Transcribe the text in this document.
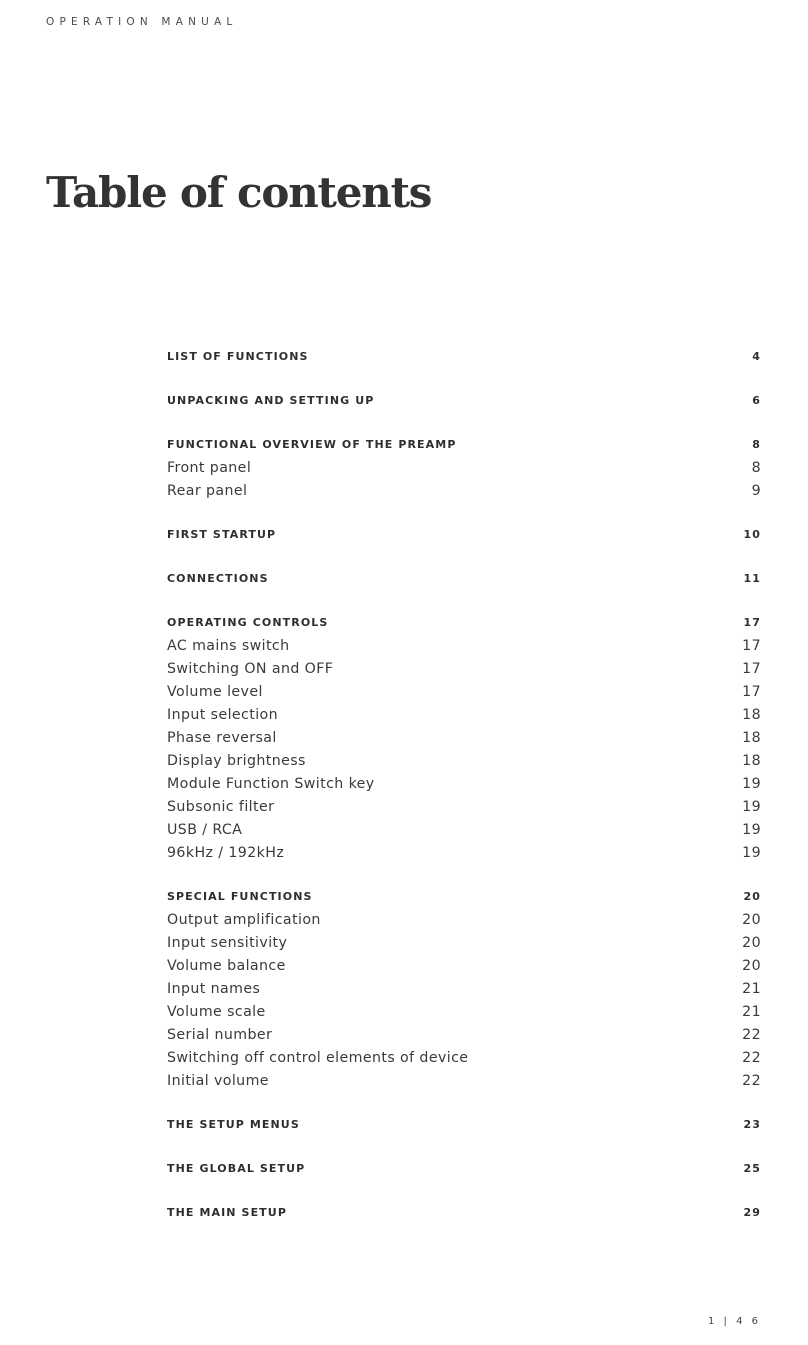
OPERATION MANUAL
Table of contents
LIST OF FUNCTIONS	4
UNPACKING AND SETTING UP	6
FUNCTIONAL OVERVIEW OF THE PREAMP	8
Front panel	8
Rear panel	9
FIRST STARTUP	10
CONNECTIONS	11
OPERATING CONTROLS	17
AC mains switch	17
Switching ON and OFF	17
Volume level	17
Input selection	18
Phase reversal	18
Display brightness	18
Module Function Switch key	19
Subsonic filter	19
USB / RCA	19
96kHz / 192kHz	19
SPECIAL FUNCTIONS	20
Output amplification	20
Input sensitivity	20
Volume balance	20
Input names	21
Volume scale	21
Serial number	22
Switching off control elements of device	22
Initial volume	22
THE SETUP MENUS	23
THE GLOBAL SETUP	25
THE MAIN SETUP	29
1 | 4 6
